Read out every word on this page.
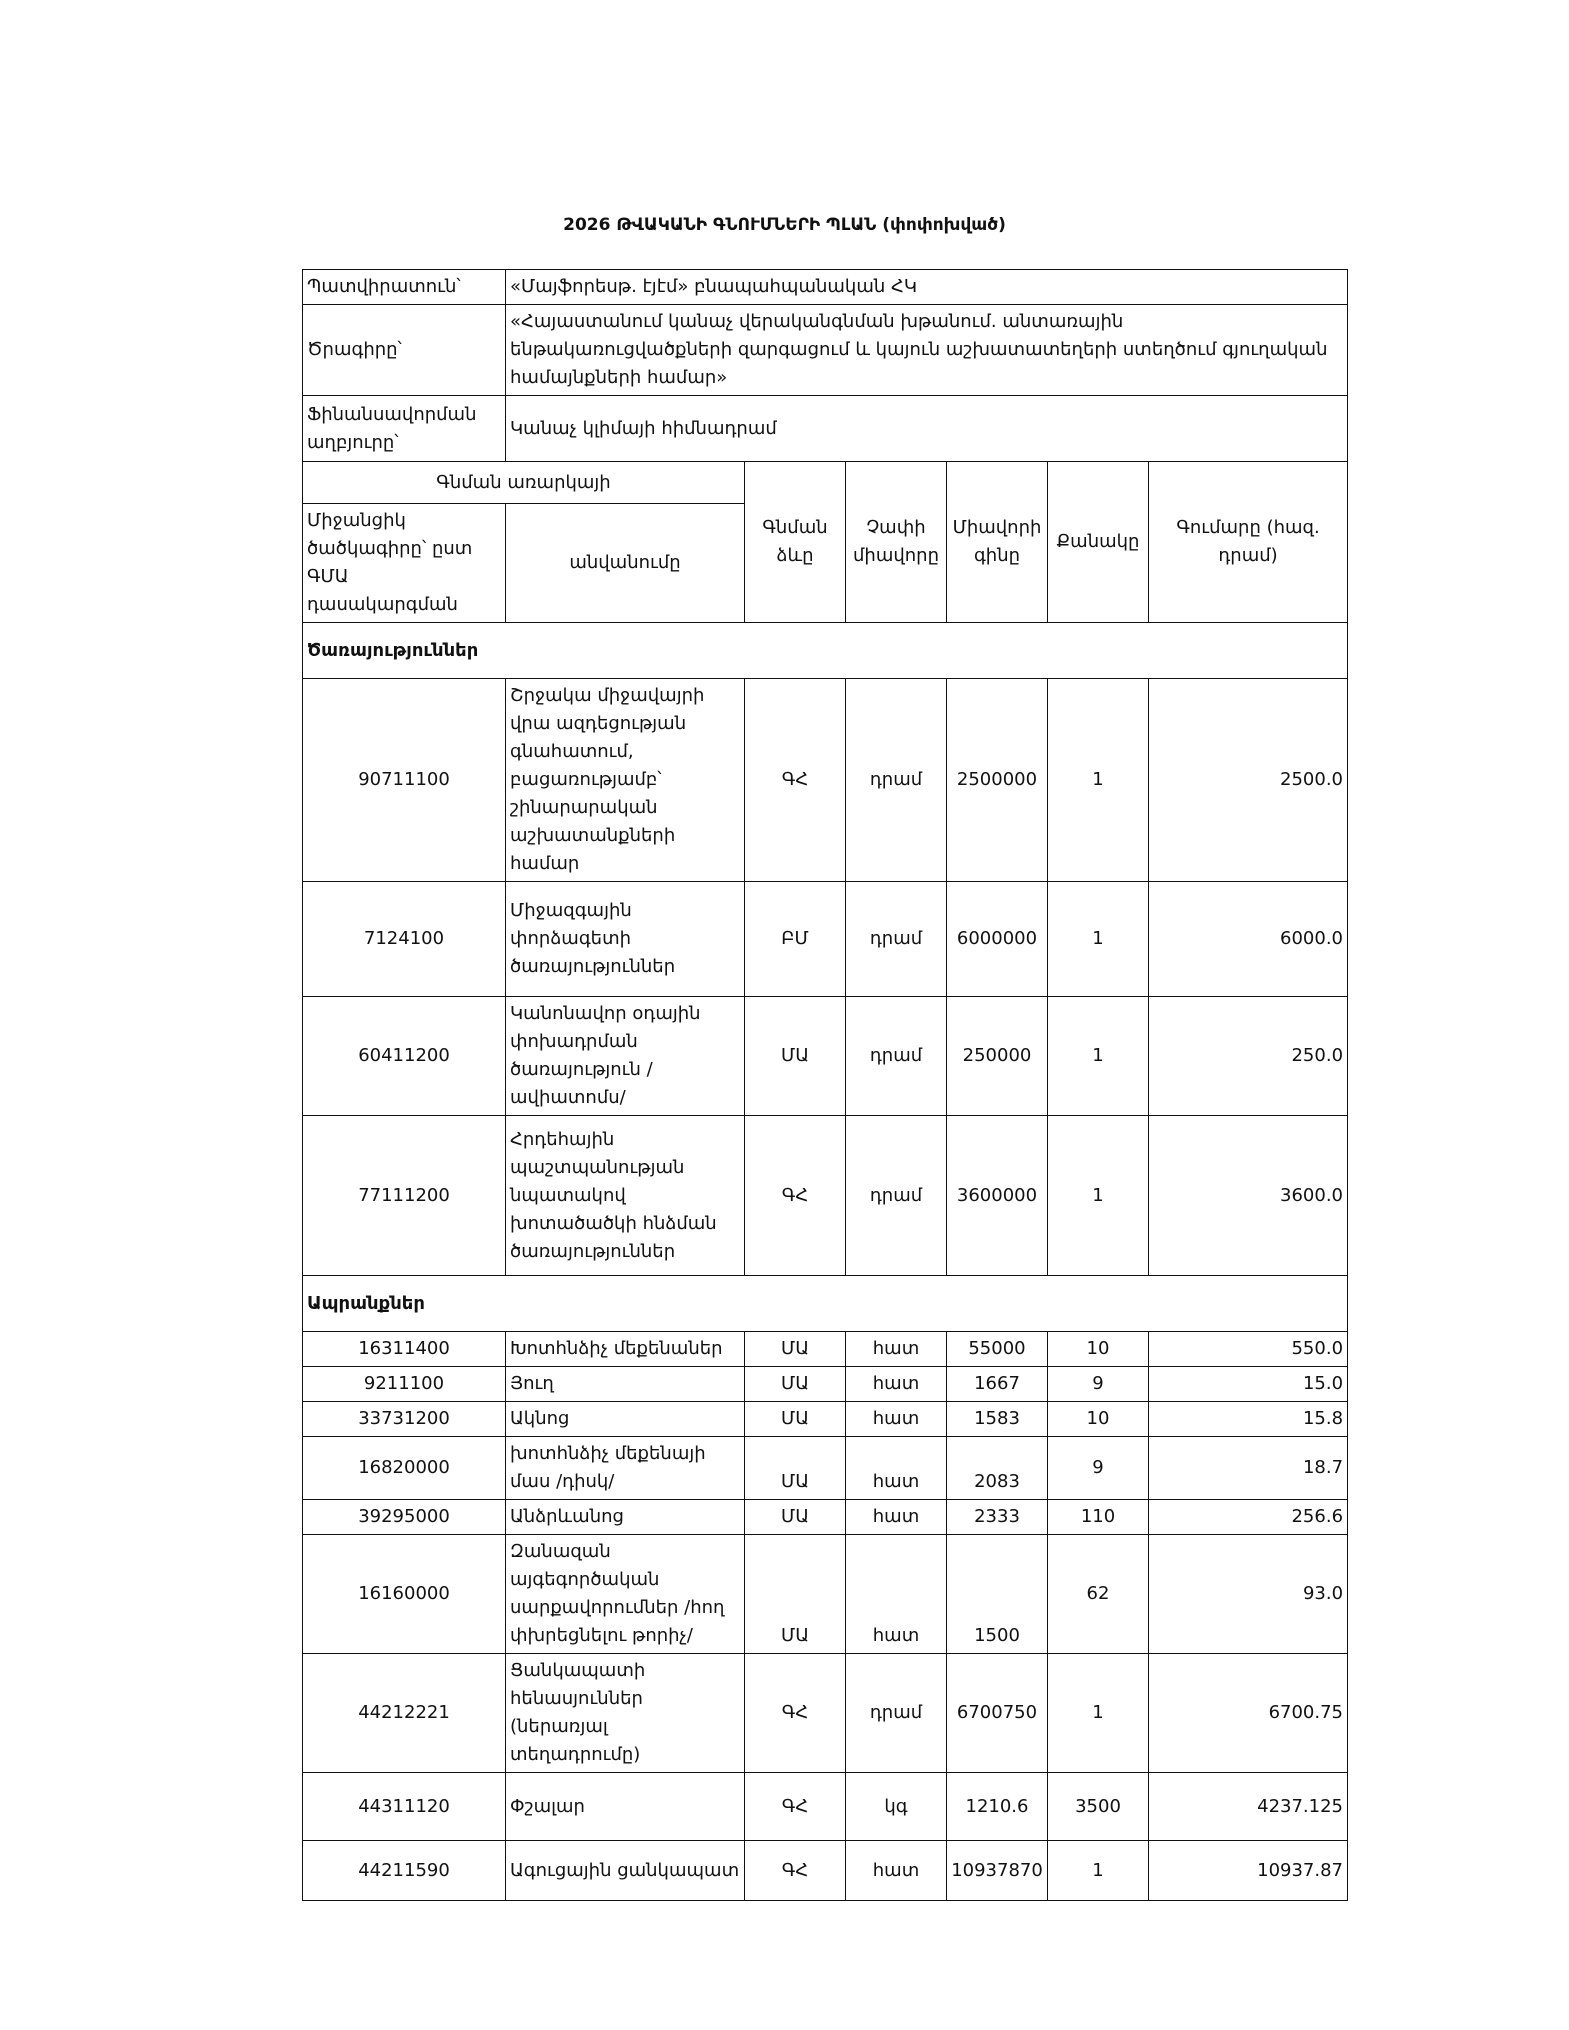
2026 ԹՎԱԿԱՆԻ ԳՆՈՒՄՆԵՐԻ ՊԼԱՆ (փոփոխված)
Պատվիրատուն՝	«Մայֆորեսթ. էյէմ» բնապահպանական ՀԿ					
Ծրագիրը՝	«Հայաստանում կանաչ վերականգնման խթանում. անտառային ենթակառուցվածքների զարգացում և կայուն աշխատատեղերի ստեղծում գյուղական համայնքների համար»					
Ֆինանսավորման աղբյուրը՝	Կանաչ կլիմայի հիմնադրամ					
Գնման առարկայի		Գնման ձևը	Չափի միավորը	Միավորի գինը	Քանակը	Գումարը (հազ. դրամ)
Միջանցիկ ծածկագիրը՝ ըստ ԳՄԱ դասակարգման	անվանումը					
Ծառայություններ						
90711100	Շրջակա միջավայրի վրա ազդեցության գնահատում, բացառությամբ՝ շինարարական աշխատանքների համար	ԳՀ	դրամ	2500000	1	2500.0
7124100	Միջազգային փորձագետի ծառայություններ	ԲՄ	դրամ	6000000	1	6000.0
60411200	Կանոնավոր օդային փոխադրման ծառայություն /ավիատոմս/	ՄԱ	դրամ	250000	1	250.0
77111200	Հրդեհային պաշտպանության նպատակով խոտածածկի հնձման ծառայություններ	ԳՀ	դրամ	3600000	1	3600.0
Ապրանքներ						
16311400	Խոտհնձիչ մեքենաներ	ՄԱ	հատ	55000	10	550.0
9211100	Յուղ	ՄԱ	հատ	1667	9	15.0
33731200	Ակնոց	ՄԱ	հատ	1583	10	15.8
16820000	խոտհնձիչ մեքենայի մաս /դիսկ/	ՄԱ	հատ	2083	9	18.7
39295000	Անձրևանոց	ՄԱ	հատ	2333	110	256.6
16160000	Զանազան այգեգործական սարքավորումներ /հող փխրեցնելու թորիչ/	ՄԱ	հատ	1500	62	93.0
44212221	Ցանկապատի հենասյուններ (ներառյալ տեղադրումը)	ԳՀ	դրամ	6700750	1	6700.75
44311120	Փշալար	ԳՀ	կգ	1210.6	3500	4237.125
44211590	Ագուցային ցանկապատ	ԳՀ	հատ	10937870	1	10937.87
